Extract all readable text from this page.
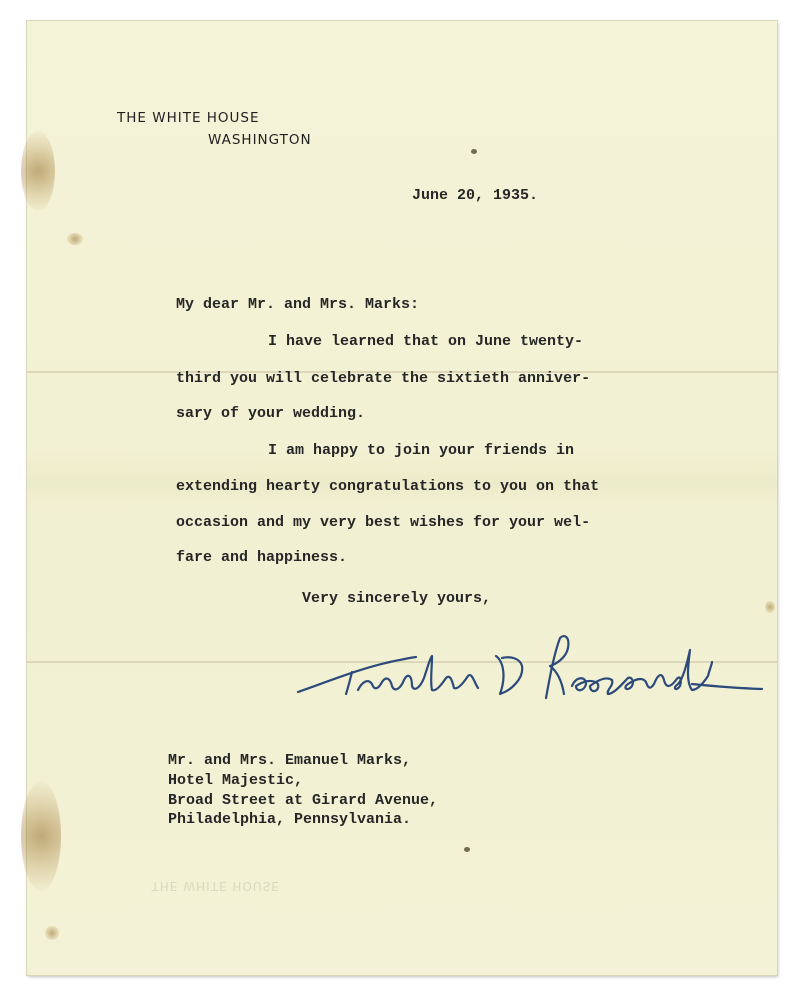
THE WHITE HOUSE

THE WHITE HOUSE

WASHINGTON

June 20, 1935.

My dear Mr. and Mrs. Marks:

I have learned that on June twenty-

third you will celebrate the sixtieth anniver-

sary of your wedding.

I am happy to join your friends in

extending hearty congratulations to you on that

occasion and my very best wishes for your wel-

fare and happiness.

Very sincerely yours,

Mr. and Mrs. Emanuel Marks,

Hotel Majestic,

Broad Street at Girard Avenue,

Philadelphia, Pennsylvania.
